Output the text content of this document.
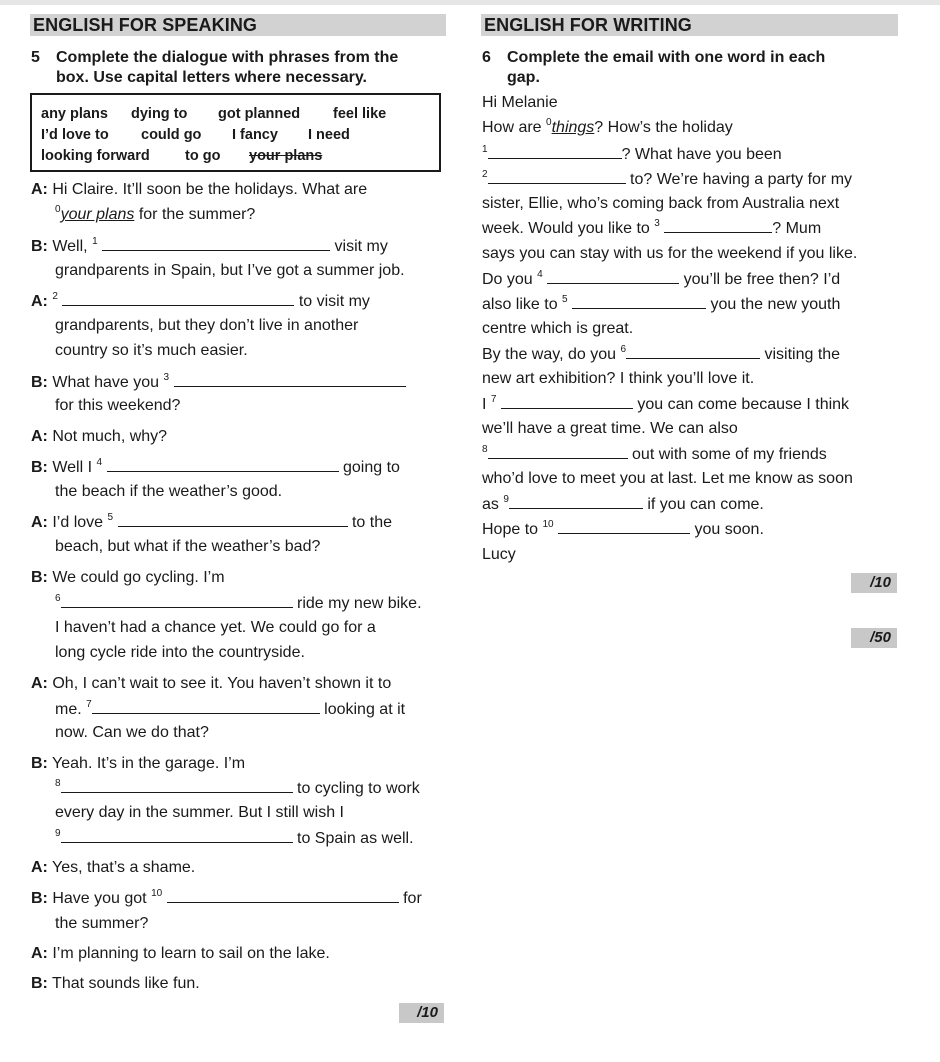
ENGLISH FOR SPEAKING
5 Complete the dialogue with phrases from the
box. Use capital letters where necessary.
any plans dying to got planned feel like
I’d love to could go I fancy I need
looking forward to go your plans
A: Hi Claire. It’ll soon be the holidays. What are
$^0$your plans for the summer?
B: Well, $^1$	visit my
grandparents in Spain, but I’ve got a summer job.
A: $^2$	to visit my
grandparents, but they don’t live in another
country so it’s much easier.
B: What have you $^3$
for this weekend?
A: Not much, why?
B: Well I $^4$	going to
the beach if the weather’s good.
A: I’d love $^5$	to the
beach, but what if the weather’s bad?
B: We could go cycling. I’m
$^6$	ride my new bike.
I haven’t had a chance yet. We could go for a
long cycle ride into the countryside.
A: Oh, I can’t wait to see it. You haven’t shown it to
me. $^7$	looking at it
now. Can we do that?
B: Yeah. It’s in the garage. I’m
$^8$	to cycling to work
every day in the summer. But I still wish I
$^9$	to Spain as well.
A: Yes, that’s a shame.
B: Have you got $^{10}$	for
the summer?
A: I’m planning to learn to sail on the lake.
B: That sounds like fun.
/10
ENGLISH FOR WRITING
6 Complete the email with one word in each
gap.
Hi Melanie
How are $^0$things? How’s the holiday
$^1$	? What have you been
$^2$	to? We’re having a party for my
sister, Ellie, who’s coming back from Australia next
week. Would you like to $^3$	? Mum
says you can stay with us for the weekend if you like.
Do you $^4$	you’ll be free then? I’d
also like to $^5$	you the new youth
centre which is great.
By the way, do you $^6$	visiting the
new art exhibition? I think you’ll love it.
I $^7$	you can come because I think
we’ll have a great time. We can also
$^8$	out with some of my friends
who’d love to meet you at last. Let me know as soon
as $^9$	if you can come.
Hope to $^{10}$	you soon.
Lucy
/10
/50
